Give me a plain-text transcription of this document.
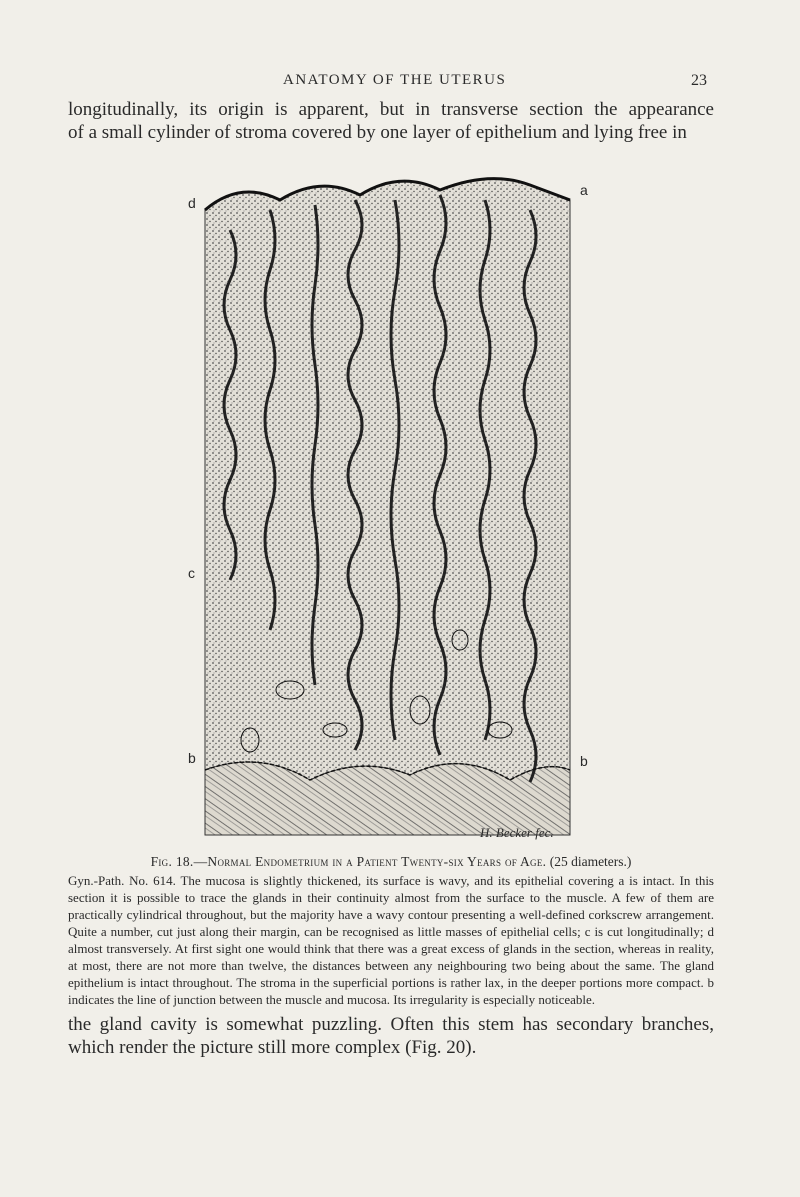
ANATOMY OF THE UTERUS	23

longitudinally, its origin is apparent, but in transverse section the appearance
of a small cylinder of stroma covered by one layer of epithelium and lying free in

a
d
c
b	b
H. Becker fec.
Fig. 18.—Normal Endometrium in a Patient Twenty-six Years of Age. (25 diameters.)
Gyn.-Path. No. 614. The mucosa is slightly thickened, its surface is wavy, and its epithelial covering a is intact. In this section it is possible to trace the glands in their continuity almost from the surface to the muscle. A few of them are practically cylindrical throughout, but the majority have a wavy contour presenting a well-defined corkscrew arrangement. Quite a number, cut just along their margin, can be recognised as little masses of epithelial cells; c is cut longitudinally; d almost transversely. At first sight one would think that there was a great excess of glands in the section, whereas in reality, at most, there are not more than twelve, the distances between any neighbouring two being about the same. The gland epithelium is intact throughout. The stroma in the superficial portions is rather lax, in the deeper portions more compact. b indicates the line of junction between the muscle and mucosa. Its irregularity is especially noticeable.

the gland cavity is somewhat puzzling. Often this stem has secondary branches, which render the picture still more complex (Fig. 20).
